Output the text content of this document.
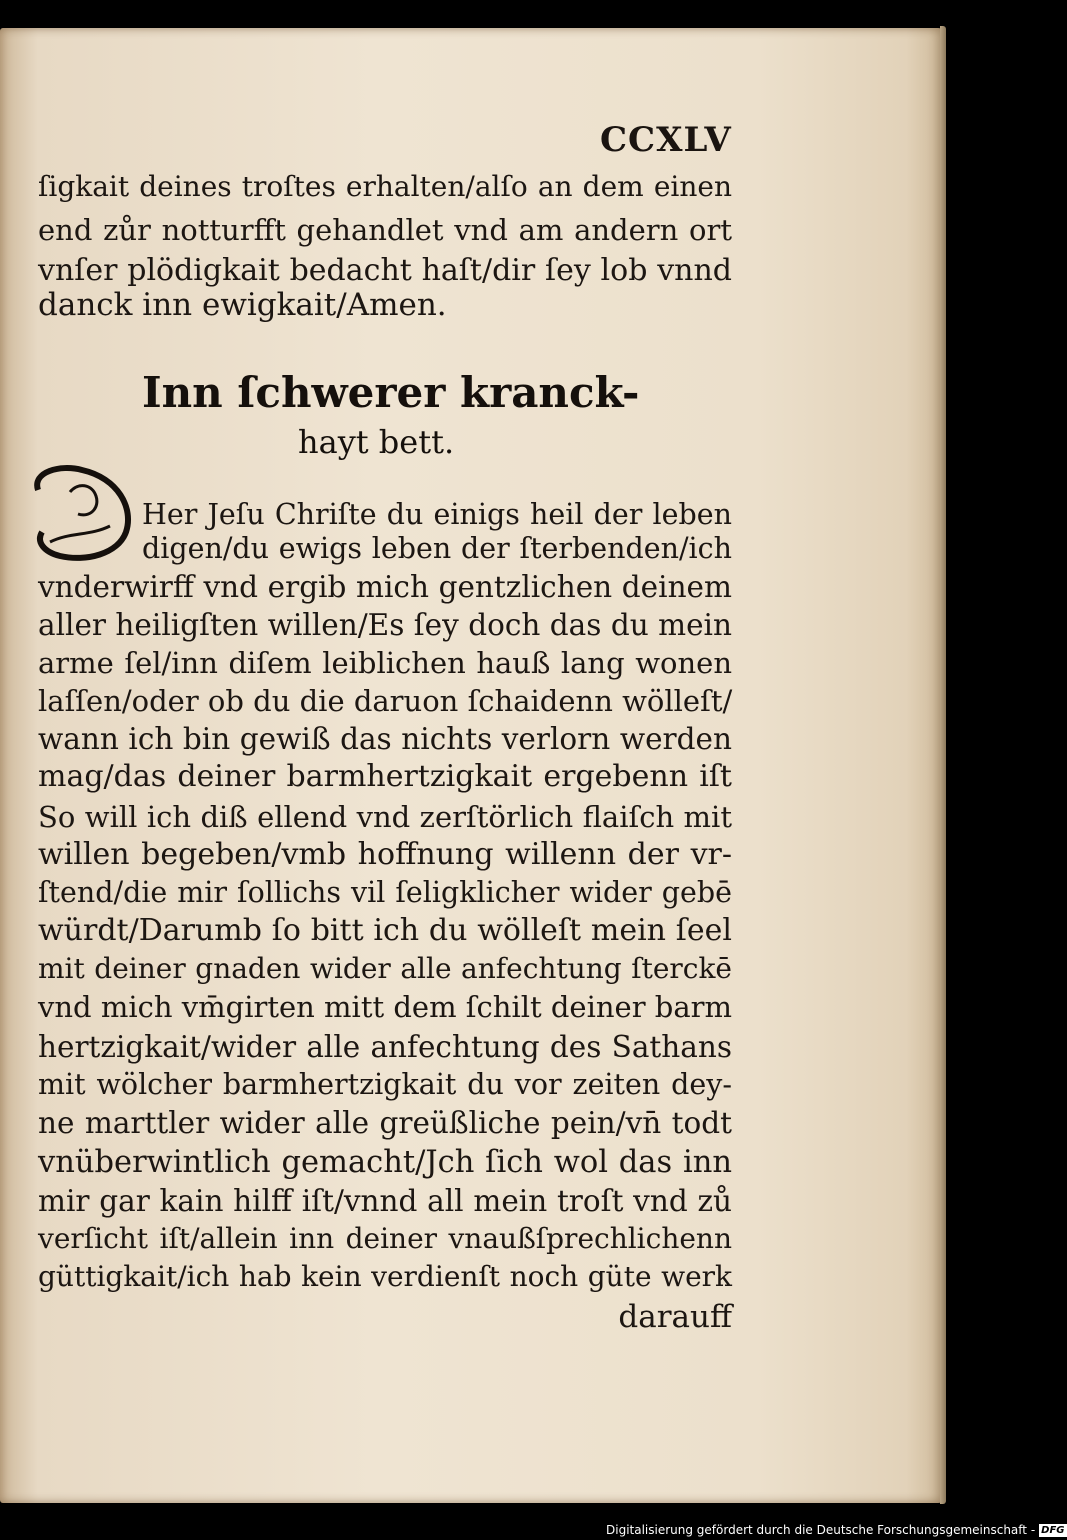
CCXLV
ſigkait deines troſtes erhalten/alſo an dem einen
end zůr notturfft gehandlet vnd am andern ort
vnſer plödigkait bedacht haſt/dir ſey lob vnnd
danck inn ewigkait/Amen.
Inn ſchwerer kranck-
hayt bett.
Her Jeſu Chriſte du einigs heil der leben
digen/du ewigs leben der ſterbenden/ich
vnderwirff vnd ergib mich gentzlichen deinem
aller heiligſten willen/Es ſey doch das du mein
arme ſel/inn diſem leiblichen hauß lang wonen
laſſen/oder ob du die daruon ſchaidenn wölleſt/
wann ich bin gewiß das nichts verlorn werden
mag/das deiner barmhertzigkait ergebenn iſt
So will ich diß ellend vnd zerſtörlich flaiſch mit
willen begeben/vmb hoffnung willenn der vr-
ſtend/die mir ſollichs vil ſeligklicher wider gebē
würdt/Darumb ſo bitt ich du wölleſt mein ſeel
mit deiner gnaden wider alle anfechtung ſterckē
vnd mich vm̄girten mitt dem ſchilt deiner barm
hertzigkait/wider alle anfechtung des Sathans
mit wölcher barmhertzigkait du vor zeiten dey-
ne marttler wider alle greüßliche pein/vn̄ todt
vnüberwintlich gemacht/Jch ſich wol das inn
mir gar kain hilff iſt/vnnd all mein troſt vnd zů
verſicht iſt/allein inn deiner vnaußſprechlichenn
güttigkait/ich hab kein verdienſt noch güte werk
darauff
Digitalisierung gefördert durch die Deutsche Forschungsgemeinschaft - DFG
